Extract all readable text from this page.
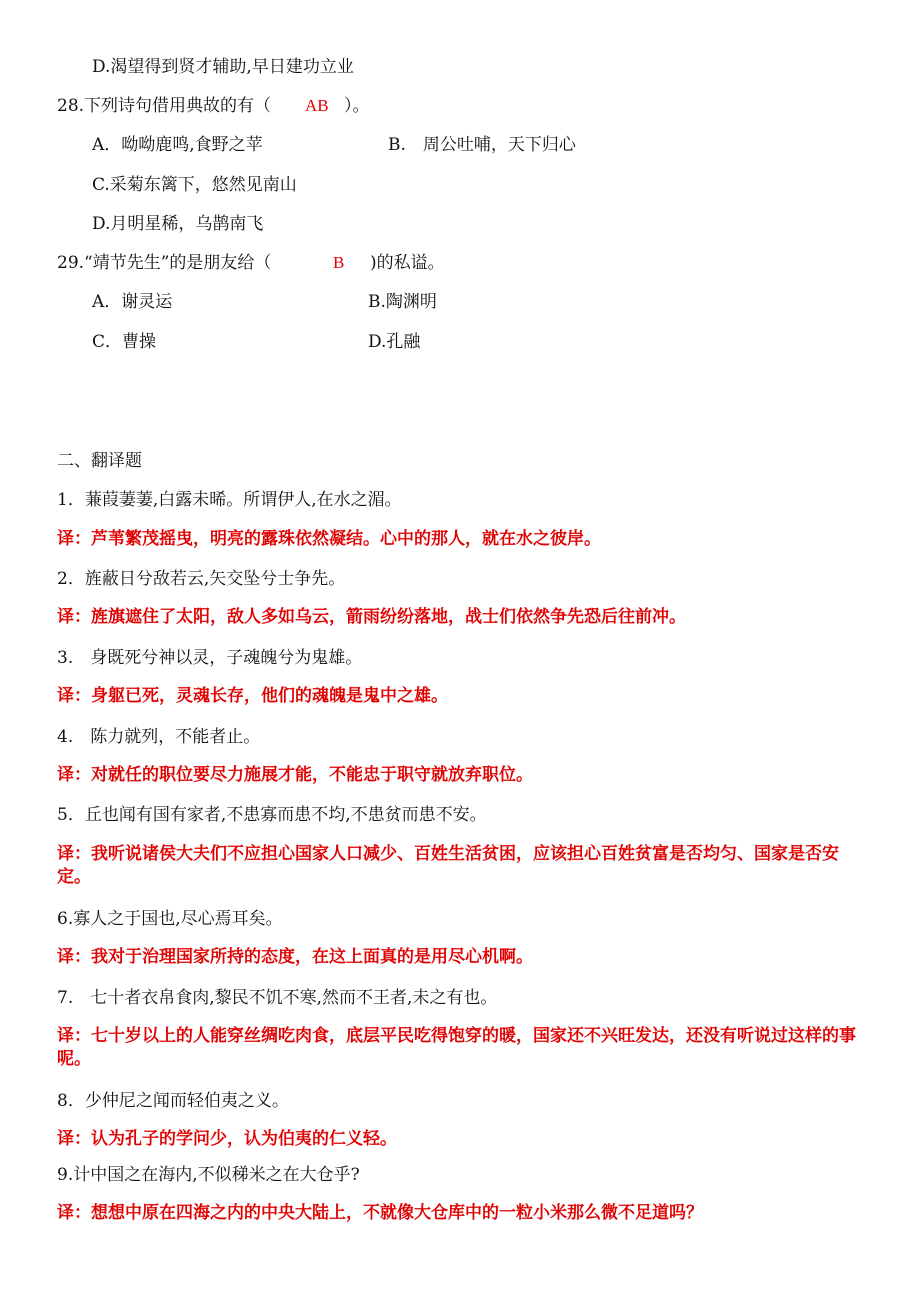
D.渴望得到贤才辅助,早日建功立业
28.下列诗句借用典故的有（ AB ）。
A．呦呦鹿鸣,食野之苹	B.　周公吐哺，天下归心
C.采菊东篱下，悠然见南山
D.月明星稀，乌鹊南飞
29.“靖节先生”的是朋友给（	B )的私谥。
A．谢灵运	B.陶渊明
C．曹操	D.孔融
二、翻译题
1．蒹葭萋萋,白露未晞。所谓伊人,在水之湄。
译：芦苇繁茂摇曳，明亮的露珠依然凝结。心中的那人，就在水之彼岸。
2．旌蔽日兮敌若云,矢交坠兮士争先。
译：旌旗遮住了太阳，敌人多如乌云，箭雨纷纷落地，战士们依然争先恐后往前冲。
3.　身既死兮神以灵，子魂魄兮为鬼雄。
译：身躯已死，灵魂长存，他们的魂魄是鬼中之雄。
4.　陈力就列，不能者止。
译：对就任的职位要尽力施展才能，不能忠于职守就放弃职位。
5．丘也闻有国有家者,不患寡而患不均,不患贫而患不安。
译：我听说诸侯大夫们不应担心国家人口减少、百姓生活贫困，应该担心百姓贫富是否均匀、国家是否安定。
6.寡人之于国也,尽心焉耳矣。
译：我对于治理国家所持的态度，在这上面真的是用尽心机啊。
7.　七十者衣帛食肉,黎民不饥不寒,然而不王者,未之有也。
译：七十岁以上的人能穿丝绸吃肉食，底层平民吃得饱穿的暖，国家还不兴旺发达，还没有听说过这样的事呢。
8．少仲尼之闻而轻伯夷之义。
译：认为孔子的学问少，认为伯夷的仁义轻。
9.计中国之在海内,不似稊米之在大仓乎?
译：想想中原在四海之内的中央大陆上，不就像大仓库中的一粒小米那么微不足道吗？
